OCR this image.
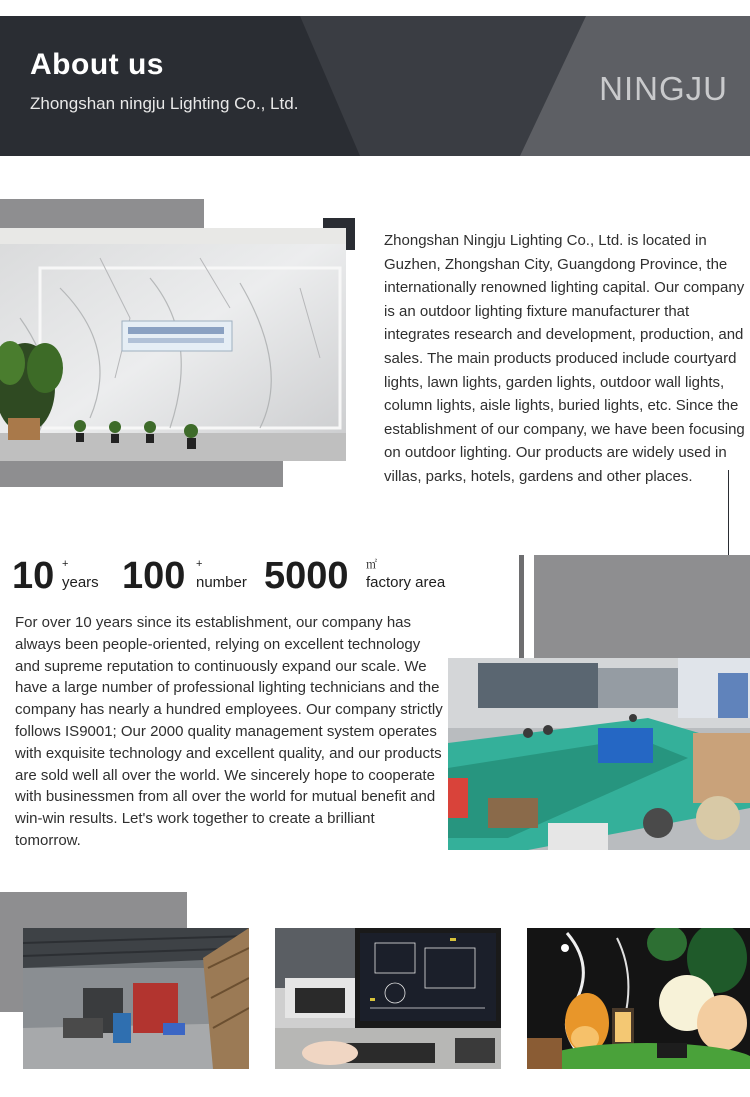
About us
Zhongshan ningju Lighting Co., Ltd.	NINGJU
Zhongshan Ningju Lighting Co., Ltd. is located in Guzhen, Zhongshan City, Guangdong Province, the internationally renowned lighting capital. Our company is an outdoor lighting fixture manufacturer that integrates research and development, production, and sales. The main products produced include courtyard lights, lawn lights, garden lights, outdoor wall lights, column lights, aisle lights, buried lights, etc. Since the establishment of our company, we have been focusing on outdoor lighting. Our products are widely used in villas, parks, hotels, gardens and other places.
10 +
years 100 +
number 5000 ㎡
factory area
For over 10 years since its establishment, our company has always been people-oriented, relying on excellent technology and supreme reputation to continuously expand our scale. We have a large number of professional lighting technicians and the company has nearly a hundred employees. Our company strictly follows IS9001; Our 2000 quality management system operates with exquisite technology and excellent quality, and our products are sold well all over the world. We sincerely hope to cooperate with businessmen from all over the world for mutual benefit and win-win results. Let's work together to create a brilliant tomorrow.
